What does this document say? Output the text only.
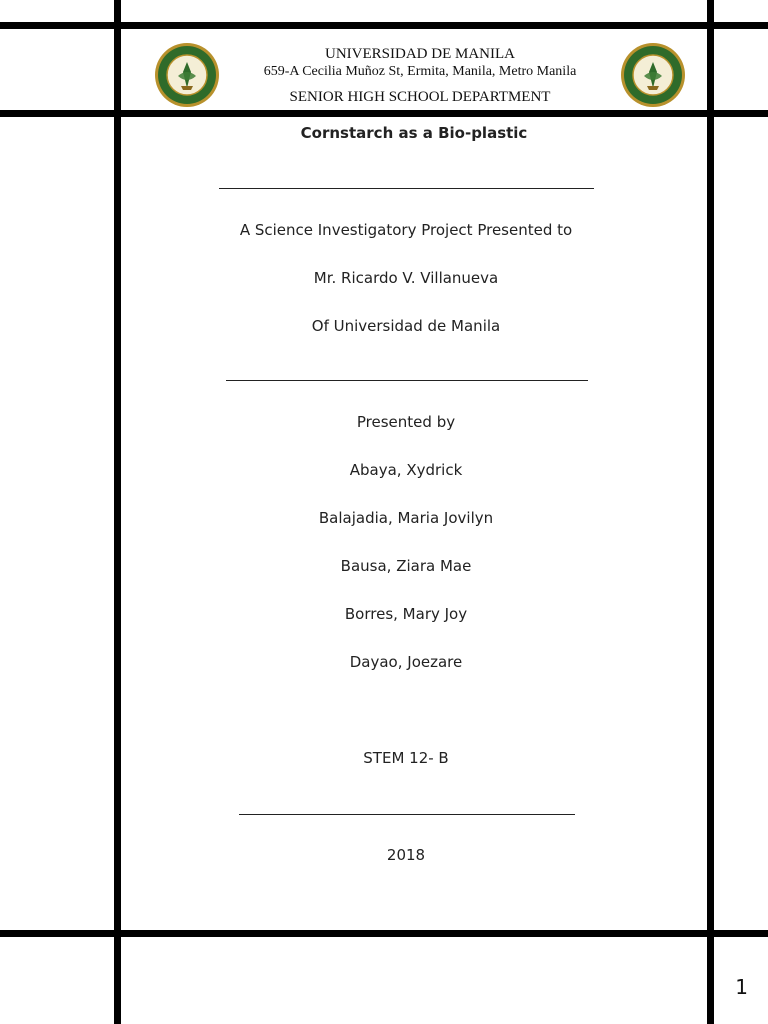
UNIVERSIDAD DE MANILA
659-A Cecilia Muñoz St, Ermita, Manila, Metro Manila
SENIOR HIGH SCHOOL DEPARTMENT
Cornstarch as a Bio-plastic
A Science Investigatory Project Presented to
Mr. Ricardo V. Villanueva
Of Universidad de Manila
Presented by
Abaya, Xydrick
Balajadia, Maria Jovilyn
Bausa, Ziara Mae
Borres, Mary Joy
Dayao, Joezare
STEM 12- B
2018
1
